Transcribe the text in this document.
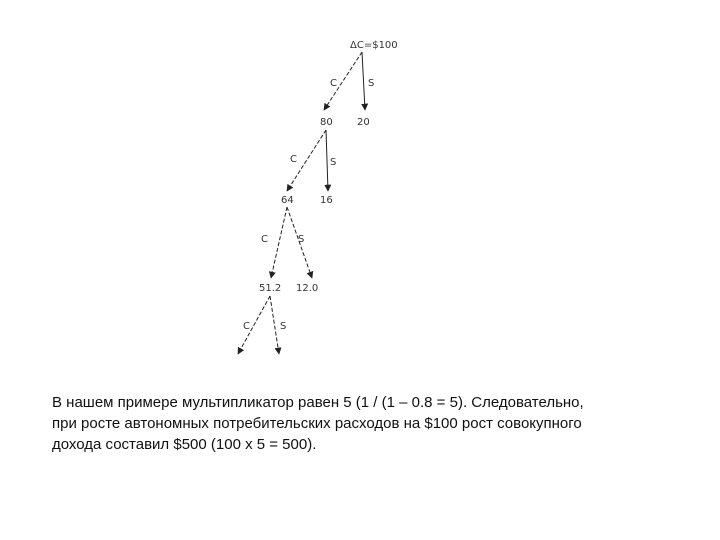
ΔC=$100
C	S
80 20
C	S
64	16
C	S
51.2 12.0
C	S
В нашем примере мультипликатор равен 5 (1 / (1 – 0.8 = 5). Следовательно,
при росте автономных потребительских расходов на $100 рост совокупного
дохода составил $500 (100 х 5 = 500).
